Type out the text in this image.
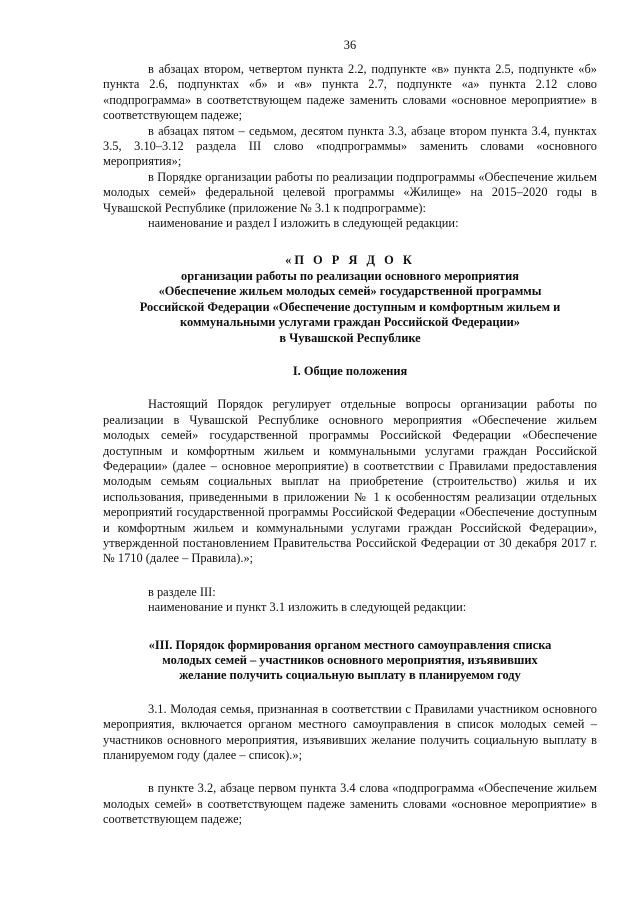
36

в абзацах втором, четвертом пункта 2.2, подпункте «в» пункта 2.5, подпункте «б» пункта 2.6, подпунктах «б» и «в» пункта 2.7, подпункте «а» пункта 2.12 слово «подпрограмма» в соответствующем падеже заменить словами «основное мероприятие» в соответствующем падеже;

в абзацах пятом – седьмом, десятом пункта 3.3, абзаце втором пункта 3.4, пунктах 3.5, 3.10–3.12 раздела III слово «подпрограммы» заменить словами «основного мероприятия»;

в Порядке организации работы по реализации подпрограммы «Обеспечение жильем молодых семей» федеральной целевой программы «Жилище» на 2015–2020 годы в Чувашской Республике (приложение № 3.1 к подпрограмме):

наименование и раздел I изложить в следующей редакции:

«П О Р Я Д О К
организации работы по реализации основного мероприятия
«Обеспечение жильем молодых семей» государственной программы
Российской Федерации «Обеспечение доступным и комфортным жильем и
коммунальными услугами граждан Российской Федерации»
в Чувашской Республике
I. Общие положения

Настоящий Порядок регулирует отдельные вопросы организации работы по реализации в Чувашской Республике основного мероприятия «Обеспечение жильем молодых семей» государственной программы Российской Федерации «Обеспечение доступным и комфортным жильем и коммунальными услугами граждан Российской Федерации» (далее – основное мероприятие) в соответствии с Правилами предоставления молодым семьям социальных выплат на приобретение (строительство) жилья и их использования, приведенными в приложении № 1 к особенностям реализации отдельных мероприятий государственной программы Российской Федерации «Обеспечение доступным и комфортным жильем и коммунальными услугами граждан Российской Федерации», утвержденной постановлением Правительства Российской Федерации от 30 декабря 2017 г. № 1710 (далее – Правила).»;

в разделе III:

наименование и пункт 3.1 изложить в следующей редакции:

«III. Порядок формирования органом местного самоуправления списка
молодых семей – участников основного мероприятия, изъявивших
желание получить социальную выплату в планируемом году

3.1. Молодая семья, признанная в соответствии с Правилами участником основного мероприятия, включается органом местного самоуправления в список молодых семей – участников основного мероприятия, изъявивших желание получить социальную выплату в планируемом году (далее – список).»;

в пункте 3.2, абзаце первом пункта 3.4 слова «подпрограмма «Обеспечение жильем молодых семей» в соответствующем падеже заменить словами «основное мероприятие» в соответствующем падеже;
